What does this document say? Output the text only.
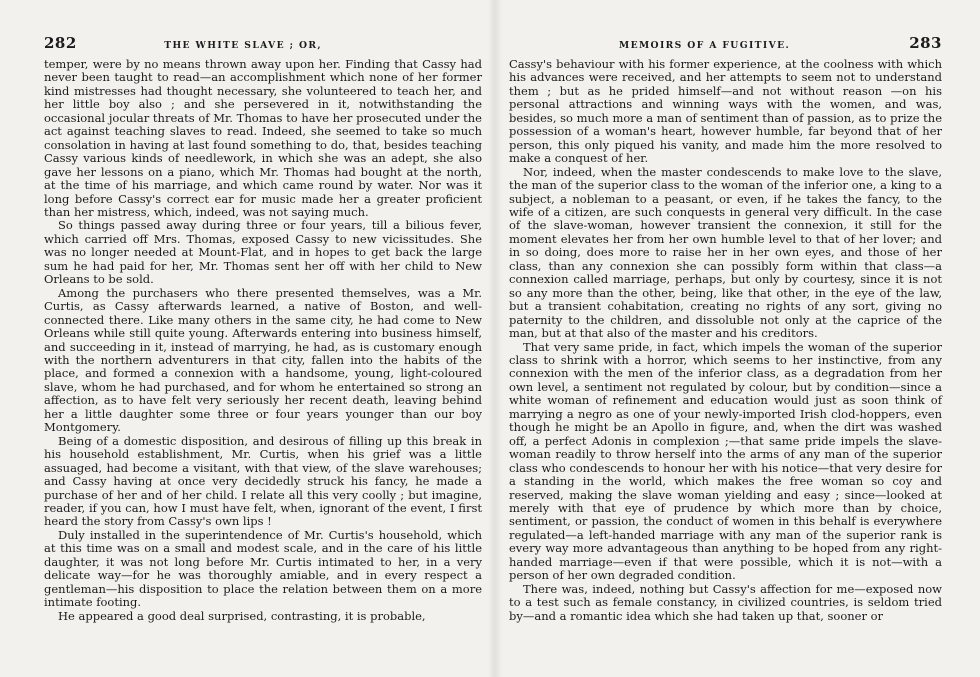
282	THE WHITE SLAVE ; OR,

temper, were by no means thrown away upon her. Finding that Cassy had never been taught to read—an accomplishment which none of her former kind mistresses had thought necessary, she volunteered to teach her, and her little boy also ; and she persevered in it, notwithstanding the occasional jocular threats of Mr. Thomas to have her prosecuted under the act against teaching slaves to read. Indeed, she seemed to take so much consolation in having at last found something to do, that, besides teaching Cassy various kinds of needlework, in which she was an adept, she also gave her lessons on a piano, which Mr. Thomas had bought at the north, at the time of his marriage, and which came round by water. Nor was it long before Cassy's correct ear for music made her a greater proficient than her mistress, which, indeed, was not saying much.

So things passed away during three or four years, till a bilious fever, which carried off Mrs. Thomas, exposed Cassy to new vicissitudes. She was no longer needed at Mount-Flat, and in hopes to get back the large sum he had paid for her, Mr. Thomas sent her off with her child to New Orleans to be sold.

Among the purchasers who there presented themselves, was a Mr. Curtis, as Cassy afterwards learned, a native of Boston, and well-connected there. Like many others in the same city, he had come to New Orleans while still quite young. Afterwards entering into business himself, and succeeding in it, instead of marrying, he had, as is customary enough with the northern adventurers in that city, fallen into the habits of the place, and formed a connexion with a handsome, young, light-coloured slave, whom he had purchased, and for whom he entertained so strong an affection, as to have felt very seriously her recent death, leaving behind her a little daughter some three or four years younger than our boy Montgomery.

Being of a domestic disposition, and desirous of filling up this break in his household establishment, Mr. Curtis, when his grief was a little assuaged, had become a visitant, with that view, of the slave warehouses; and Cassy having at once very decidedly struck his fancy, he made a purchase of her and of her child. I relate all this very coolly ; but imagine, reader, if you can, how I must have felt, when, ignorant of the event, I first heard the story from Cassy's own lips !

Duly installed in the superintendence of Mr. Curtis's household, which at this time was on a small and modest scale, and in the care of his little daughter, it was not long before Mr. Curtis intimated to her, in a very delicate way—for he was thoroughly amiable, and in every respect a gentleman—his disposition to place the relation between them on a more intimate footing.

He appeared a good deal surprised, contrasting, it is probable,

MEMOIRS OF A FUGITIVE.	283

Cassy's behaviour with his former experience, at the coolness with which his advances were received, and her attempts to seem not to understand them ; but as he prided himself—and not without reason —on his personal attractions and winning ways with the women, and was, besides, so much more a man of sentiment than of passion, as to prize the possession of a woman's heart, however humble, far beyond that of her person, this only piqued his vanity, and made him the more resolved to make a conquest of her.

Nor, indeed, when the master condescends to make love to the slave, the man of the superior class to the woman of the inferior one, a king to a subject, a nobleman to a peasant, or even, if he takes the fancy, to the wife of a citizen, are such conquests in general very difficult. In the case of the slave-woman, however transient the connexion, it still for the moment elevates her from her own humble level to that of her lover; and in so doing, does more to raise her in her own eyes, and those of her class, than any connexion she can possibly form within that class—a connexion called marriage, perhaps, but only by courtesy, since it is not so any more than the other, being, like that other, in the eye of the law, but a transient cohabitation, creating no rights of any sort, giving no paternity to the children, and dissoluble not only at the caprice of the man, but at that also of the master and his creditors.

That very same pride, in fact, which impels the woman of the superior class to shrink with a horror, which seems to her instinctive, from any connexion with the men of the inferior class, as a degradation from her own level, a sentiment not regulated by colour, but by condition—since a white woman of refinement and education would just as soon think of marrying a negro as one of your newly-imported Irish clod-hoppers, even though he might be an Apollo in figure, and, when the dirt was washed off, a perfect Adonis in complexion ;—that same pride impels the slave-woman readily to throw herself into the arms of any man of the superior class who condescends to honour her with his notice—that very desire for a standing in the world, which makes the free woman so coy and reserved, making the slave woman yielding and easy ; since—looked at merely with that eye of prudence by which more than by choice, sentiment, or passion, the conduct of women in this behalf is everywhere regulated—a left-handed marriage with any man of the superior rank is every way more advantageous than anything to be hoped from any right-handed marriage—even if that were possible, which it is not—with a person of her own degraded condition.

There was, indeed, nothing but Cassy's affection for me—exposed now to a test such as female constancy, in civilized countries, is seldom tried by—and a romantic idea which she had taken up that, sooner or
